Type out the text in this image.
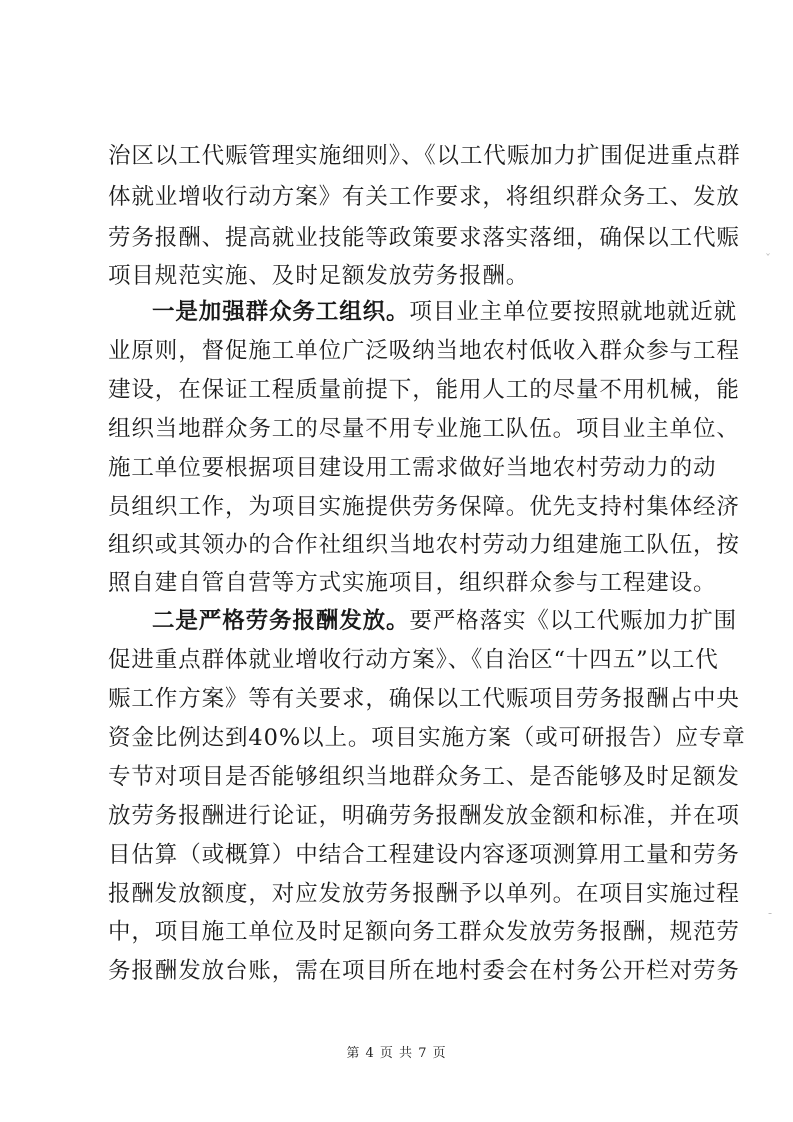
治区以工代赈管理实施细则》、《以工代赈加力扩围促进重点群
体就业增收行动方案》有关工作要求，将组织群众务工、发放
劳务报酬、提高就业技能等政策要求落实落细，确保以工代赈
项目规范实施、及时足额发放劳务报酬。
一是加强群众务工组织。项目业主单位要按照就地就近就
业原则，督促施工单位广泛吸纳当地农村低收入群众参与工程
建设，在保证工程质量前提下，能用人工的尽量不用机械，能
组织当地群众务工的尽量不用专业施工队伍。项目业主单位、
施工单位要根据项目建设用工需求做好当地农村劳动力的动
员组织工作，为项目实施提供劳务保障。优先支持村集体经济
组织或其领办的合作社组织当地农村劳动力组建施工队伍，按
照自建自管自营等方式实施项目，组织群众参与工程建设。
二是严格劳务报酬发放。要严格落实《以工代赈加力扩围
促进重点群体就业增收行动方案》、《自治区“十四五”以工代
赈工作方案》等有关要求，确保以工代赈项目劳务报酬占中央
资金比例达到40%以上。项目实施方案（或可研报告）应专章
专节对项目是否能够组织当地群众务工、是否能够及时足额发
放劳务报酬进行论证，明确劳务报酬发放金额和标准，并在项
目估算（或概算）中结合工程建设内容逐项测算用工量和劳务
报酬发放额度，对应发放劳务报酬予以单列。在项目实施过程
中，项目施工单位及时足额向务工群众发放劳务报酬，规范劳
务报酬发放台账，需在项目所在地村委会在村务公开栏对劳务
第 4 页 共 7 页
ˇ
-
